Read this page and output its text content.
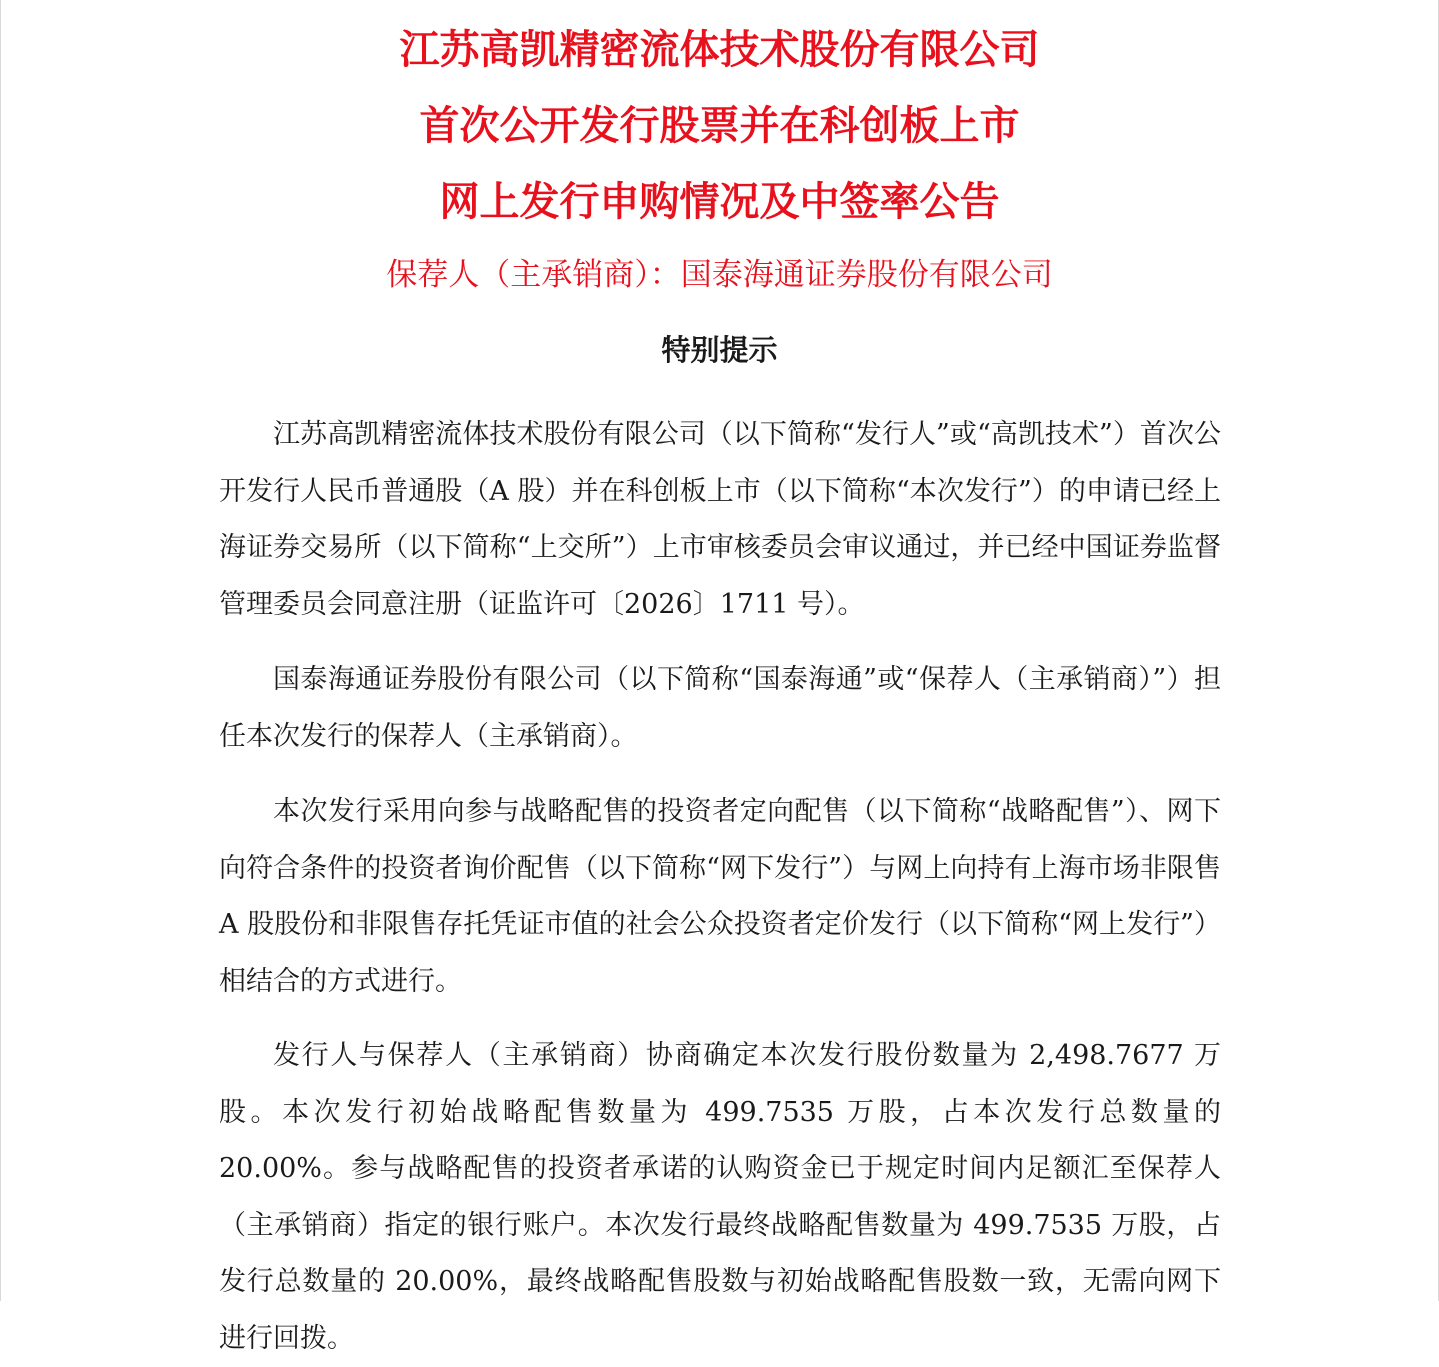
江苏高凯精密流体技术股份有限公司
首次公开发行股票并在科创板上市
网上发行申购情况及中签率公告
保荐人（主承销商）：国泰海通证券股份有限公司
特别提示

江苏高凯精密流体技术股份有限公司（以下简称“发行人”或“高凯技术”）首次公开发行人民币普通股（A 股）并在科创板上市（以下简称“本次发行”）的申请已经上海证券交易所（以下简称“上交所”）上市审核委员会审议通过，并已经中国证券监督管理委员会同意注册（证监许可〔2026〕1711 号）。

国泰海通证券股份有限公司（以下简称“国泰海通”或“保荐人（主承销商）”）担任本次发行的保荐人（主承销商）。

本次发行采用向参与战略配售的投资者定向配售（以下简称“战略配售”）、网下向符合条件的投资者询价配售（以下简称“网下发行”）与网上向持有上海市场非限售 A 股股份和非限售存托凭证市值的社会公众投资者定价发行（以下简称“网上发行”）相结合的方式进行。

发行人与保荐人（主承销商）协商确定本次发行股份数量为 2,498.7677 万股。本次发行初始战略配售数量为 499.7535 万股，占本次发行总数量的 20.00%。参与战略配售的投资者承诺的认购资金已于规定时间内足额汇至保荐人（主承销商）指定的银行账户。本次发行最终战略配售数量为 499.7535 万股，占发行总数量的 20.00%，最终战略配售股数与初始战略配售股数一致，无需向网下进行回拨。
